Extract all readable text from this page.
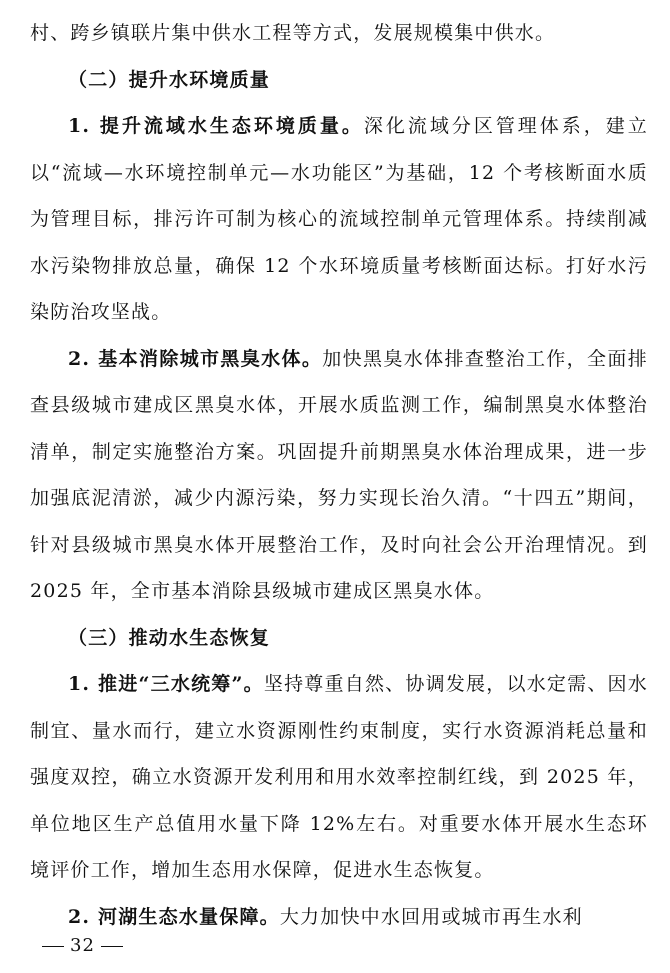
村、跨乡镇联片集中供水工程等方式，发展规模集中供水。

（二）提升水环境质量

1. 提升流域水生态环境质量。深化流域分区管理体系，建立以“流域—水环境控制单元—水功能区”为基础，12 个考核断面水质为管理目标，排污许可制为核心的流域控制单元管理体系。持续削减水污染物排放总量，确保 12 个水环境质量考核断面达标。打好水污染防治攻坚战。

2. 基本消除城市黑臭水体。加快黑臭水体排查整治工作，全面排查县级城市建成区黑臭水体，开展水质监测工作，编制黑臭水体整治清单，制定实施整治方案。巩固提升前期黑臭水体治理成果，进一步加强底泥清淤，减少内源污染，努力实现长治久清。“十四五”期间，针对县级城市黑臭水体开展整治工作，及时向社会公开治理情况。到 2025 年，全市基本消除县级城市建成区黑臭水体。

（三）推动水生态恢复

1. 推进“三水统筹”。坚持尊重自然、协调发展，以水定需、因水制宜、量水而行，建立水资源刚性约束制度，实行水资源消耗总量和强度双控，确立水资源开发利用和用水效率控制红线，到 2025 年，单位地区生产总值用水量下降 12%左右。对重要水体开展水生态环境评价工作，增加生态用水保障，促进水生态恢复。

2. 河湖生态水量保障。大力加快中水回用或城市再生水利

32
